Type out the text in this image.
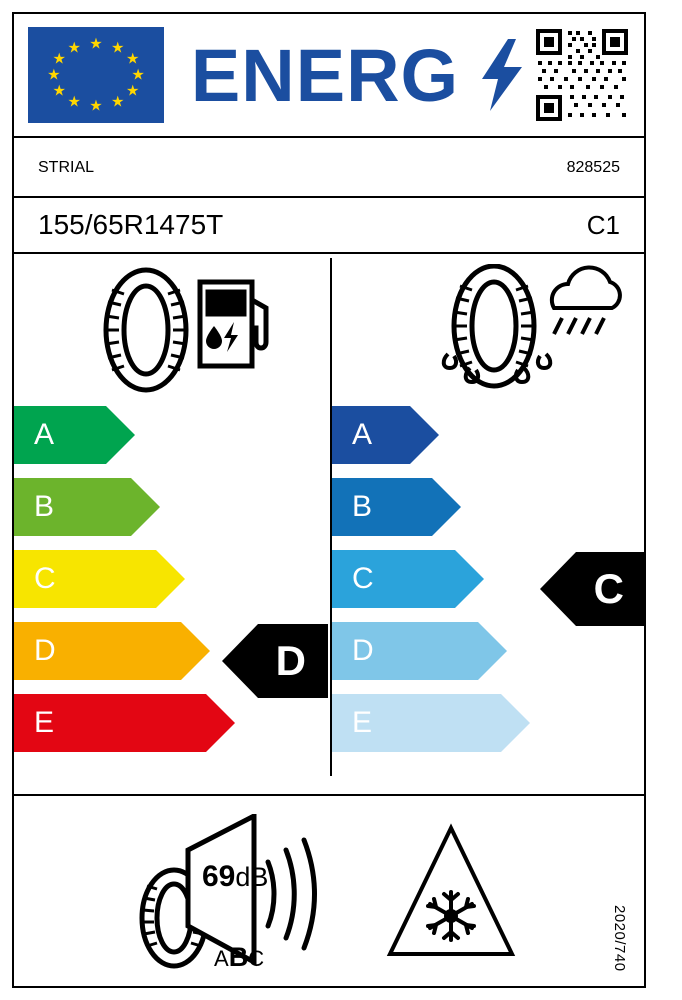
★ ★
★
★
★
★
★
★
★
★
★
★ ENERG
STRIAL	828525
155/65R1475T	C1
A
B
C
D
E
D
A
B
C
D
E
C
69dB
ABC	2020/740
